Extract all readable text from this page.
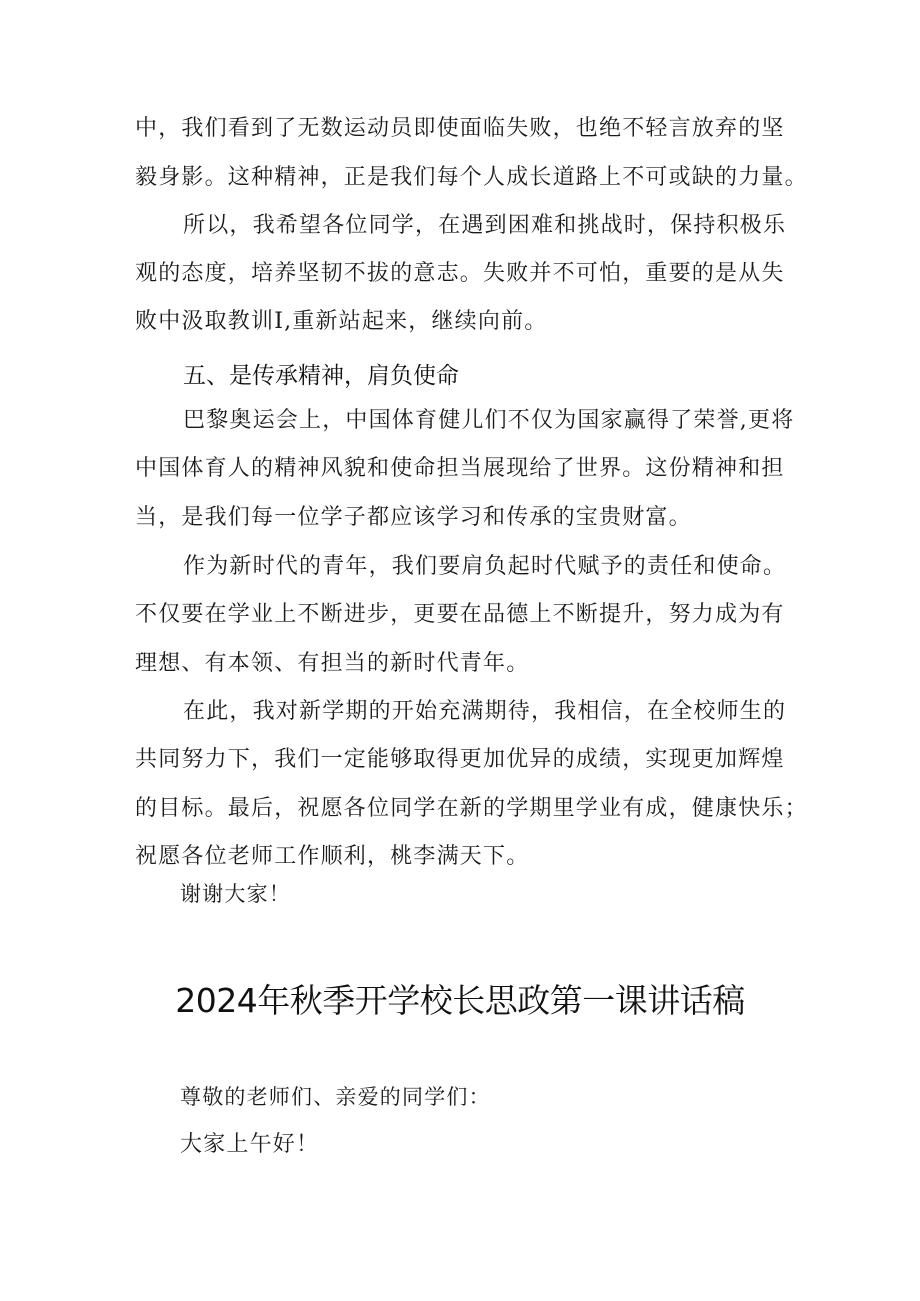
中，我们看到了无数运动员即使面临失败，也绝不轻言放弃的坚
毅身影。这种精神，正是我们每个人成长道路上不可或缺的力量。
所以，我希望各位同学，在遇到困难和挑战时，保持积极乐
观的态度，培养坚韧不拔的意志。失败并不可怕，重要的是从失
败中汲取教训I,重新站起来，继续向前。
五、是传承精神，肩负使命
巴黎奥运会上，中国体育健儿们不仅为国家赢得了荣誉,更将
中国体育人的精神风貌和使命担当展现给了世界。这份精神和担
当，是我们每一位学子都应该学习和传承的宝贵财富。
作为新时代的青年，我们要肩负起时代赋予的责任和使命。
不仅要在学业上不断进步，更要在品德上不断提升，努力成为有
理想、有本领、有担当的新时代青年。
在此，我对新学期的开始充满期待，我相信，在全校师生的
共同努力下，我们一定能够取得更加优异的成绩，实现更加辉煌
的目标。最后，祝愿各位同学在新的学期里学业有成，健康快乐；
祝愿各位老师工作顺利，桃李满天下。
谢谢大家！
2024年秋季开学校长思政第一课讲话稿
尊敬的老师们、亲爱的同学们：
大家上午好！
